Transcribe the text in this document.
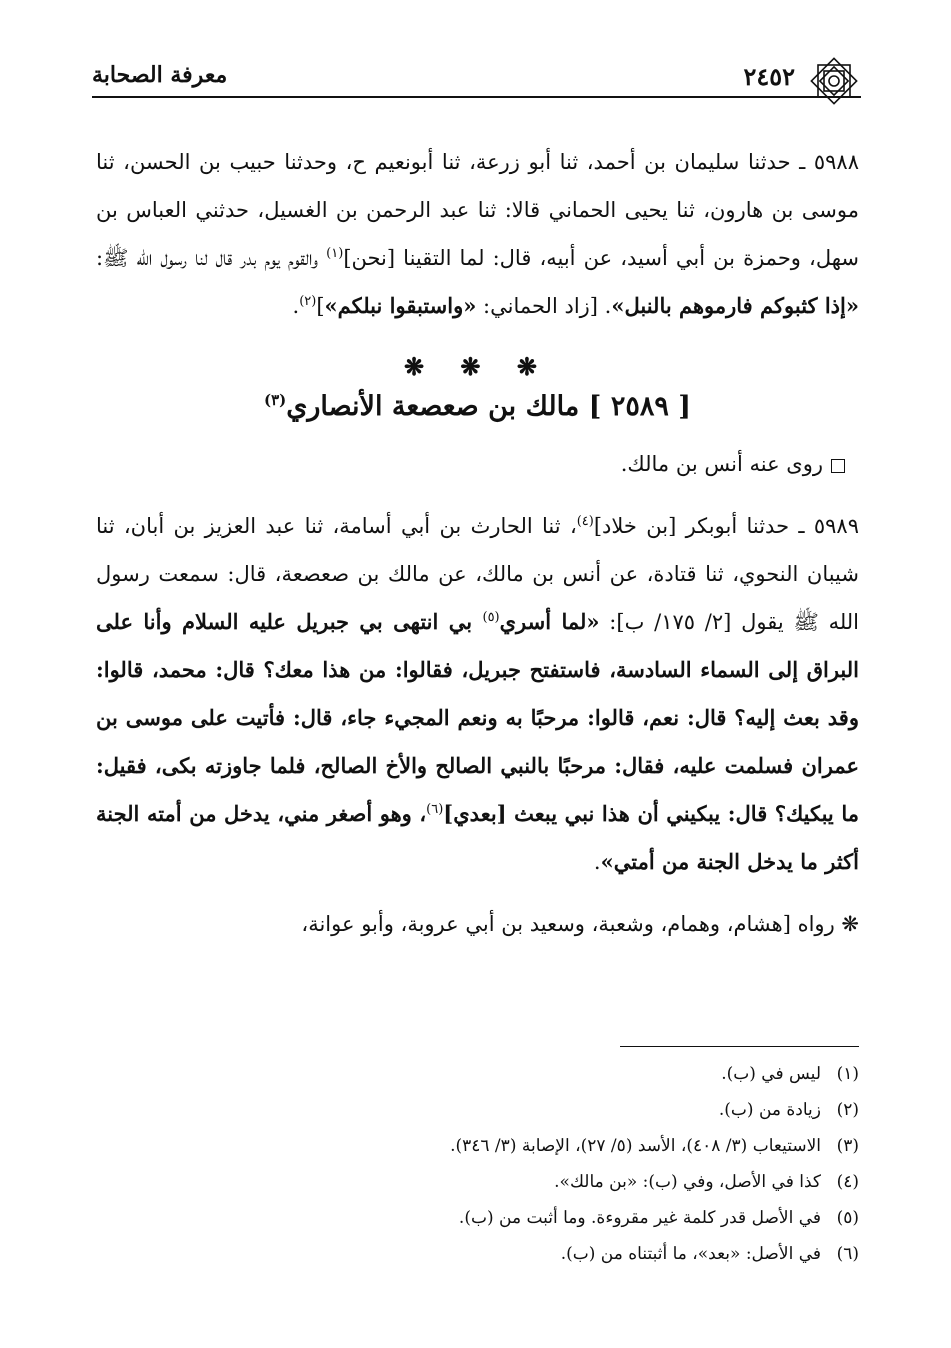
٢٤٥٢
معرفة الصحابة

٥٩٨٨ ـ حدثنا سليمان بن أحمد، ثنا أبو زرعة، ثنا أبونعيم ح، وحدثنا حبيب بن الحسن، ثنا موسى بن هارون، ثنا يحيى الحماني قالا: ثنا عبد الرحمن بن الغسيل، حدثني العباس بن سهل، وحمزة بن أبي أسيد، عن أبيه، قال: لما التقينا [نحن]$^{(١)}$ والقوم يوم بدر قال لنا رسول الله ﷺ: «إذا كثبوكم فارموهم بالنبل». [زاد الحماني: «واستبقوا نبلكم»]$^{(٢)}$.

❋ ❋ ❋
[ ٢٥٨٩ ] مالك بن صعصعة الأنصاري$^{(٣)}$

روى عنه أنس بن مالك.

٥٩٨٩ ـ حدثنا أبوبكر [بن خلاد]$^{(٤)}$، ثنا الحارث بن أبي أسامة، ثنا عبد العزيز بن أبان، ثنا شيبان النحوي، ثنا قتادة، عن أنس بن مالك، عن مالك بن صعصعة، قال: سمعت رسول الله ﷺ يقول [٢/ ١٧٥/ ب]: «لما أسري$^{(٥)}$ بي انتهى بي جبريل عليه السلام وأنا على البراق إلى السماء السادسة، فاستفتح جبريل، فقالوا: من هذا معك؟ قال: محمد، قالوا: وقد بعث إليه؟ قال: نعم، قالوا: مرحبًا به ونعم المجيء جاء، قال: فأتيت على موسى بن عمران فسلمت عليه، فقال: مرحبًا بالنبي الصالح والأخ الصالح، فلما جاوزته بكى، فقيل: ما يبكيك؟ قال: يبكيني أن هذا نبي يبعث [بعدي]$^{(٦)}$، وهو أصغر مني، يدخل من أمته الجنة أكثر ما يدخل الجنة من أمتي».

❋ رواه [هشام، وهمام، وشعبة، وسعيد بن أبي عروبة، وأبو عوانة،

(١)ليس في (ب).

(٢)زيادة من (ب).

(٣)الاستيعاب (٣/ ٤٠٨)، الأسد (٥/ ٢٧)، الإصابة (٣/ ٣٤٦).

(٤)كذا في الأصل، وفي (ب): «بن مالك».

(٥)في الأصل قدر كلمة غير مقروءة. وما أثبت من (ب).

(٦)في الأصل: «بعد»، ما أثبتناه من (ب).
